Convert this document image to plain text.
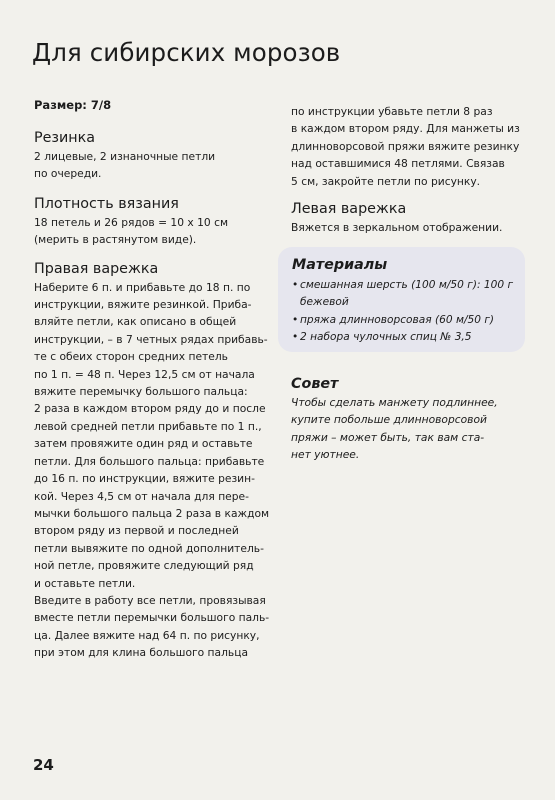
Для сибирских морозов

Размер: 7/8

Резинка

2 лицевые, 2 изнаночные петли
по очереди.

Плотность вязания

18 петель и 26 рядов = 10 х 10 см
(мерить в растянутом виде).

Правая варежка

Наберите 6 п. и прибавьте до 18 п. по
инструкции, вяжите резинкой. Приба-
вляйте петли, как описано в общей
инструкции, – в 7 четных рядах прибавь-
те с обеих сторон средних петель
по 1 п. = 48 п. Через 12,5 см от начала
вяжите перемычку большого пальца:
2 раза в каждом втором ряду до и после
левой средней петли прибавьте по 1 п.,
затем провяжите один ряд и оставьте
петли. Для большого пальца: прибавьте
до 16 п. по инструкции, вяжите резин-
кой. Через 4,5 см от начала для пере-
мычки большого пальца 2 раза в каждом
втором ряду из первой и последней
петли вывяжите по одной дополнитель-
ной петле, провяжите следующий ряд
и оставьте петли.
Введите в работу все петли, провязывая
вместе петли перемычки большого паль-
ца. Далее вяжите над 64 п. по рисунку,
при этом для клина большого пальца

по инструкции убавьте петли 8 раз
в каждом втором ряду. Для манжеты из
длинноворсовой пряжи вяжите резинку
над оставшимися 48 петлями. Связав
5 см, закройте петли по рисунку.

Левая варежка

Вяжется в зеркальном отображении.

Материалы
• смешанная шерсть (100 м/50 г): 100 г бежевой
• пряжа длинноворсовая (60 м/50 г)
• 2 набора чулочных спиц № 3,5
Совет

Чтобы сделать манжету подлиннее,
купите побольше длинноворсовой
пряжи – может быть, так вам ста-
нет уютнее.

24
